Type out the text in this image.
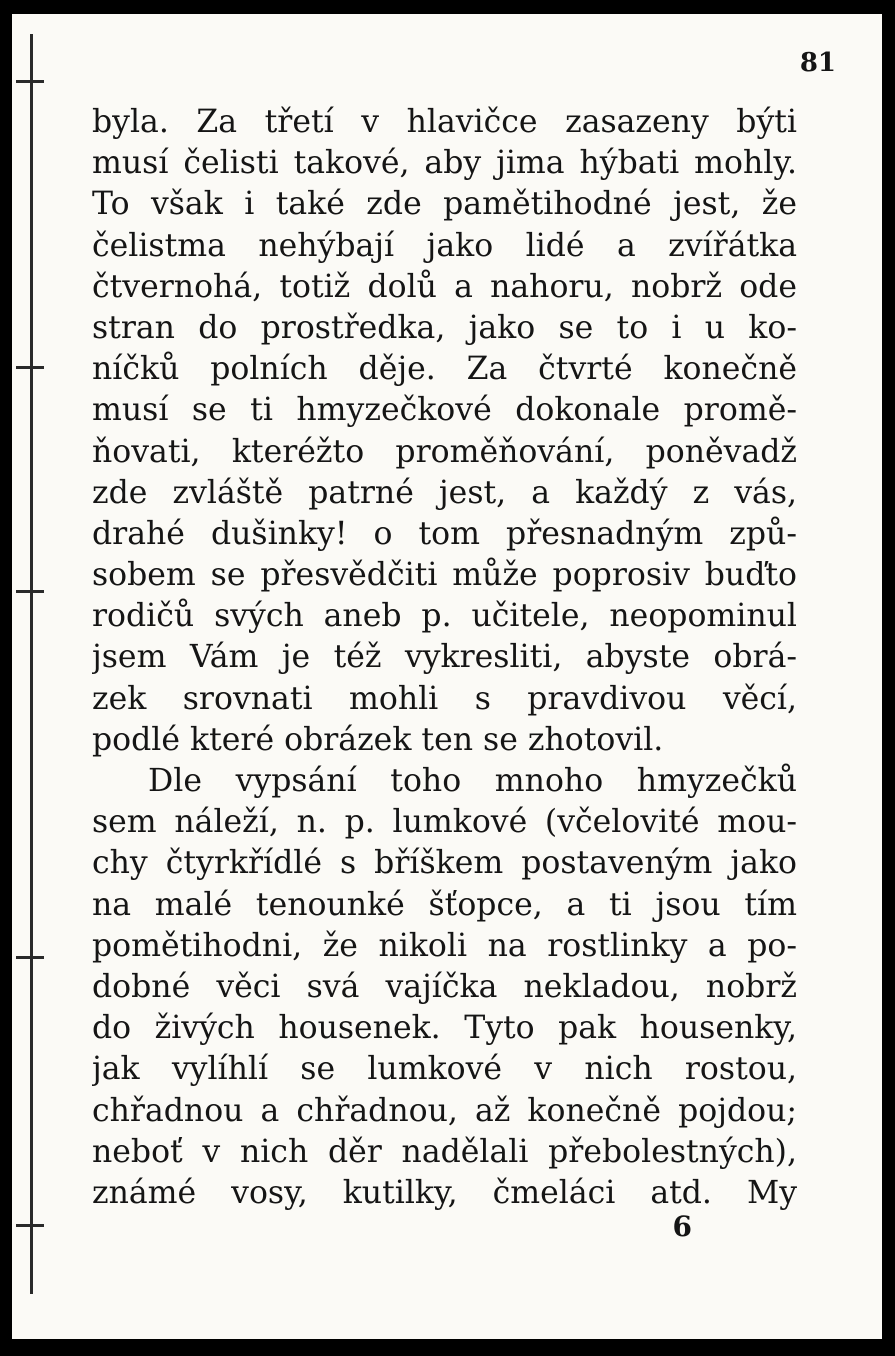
81

byla. Za třetí v hlavičce zasazeny býti
musí čelisti takové, aby jima hýbati mohly.
To však i také zde pamětihodné jest, že
čelistma nehýbají jako lidé a zvířátka
čtvernohá, totiž dolů a nahoru, nobrž ode
stran do prostředka, jako se to i u ko-
níčků polních děje. Za čtvrté konečně
musí se ti hmyzečkové dokonale promě-
ňovati, kteréžto proměňování, poněvadž
zde zvláště patrné jest, a každý z vás,
drahé dušinky! o tom přesnadným způ-
sobem se přesvědčiti může poprosiv buďto
rodičů svých aneb p. učitele, neopominul
jsem Vám je též vykresliti, abyste obrá-
zek srovnati mohli s pravdivou věcí,
podlé které obrázek ten se zhotovil.
Dle vypsání toho mnoho hmyzečků
sem náleží, n. p. lumkové (včelovité mou-
chy čtyrkřídlé s bříškem postaveným jako
na malé tenounké šťopce, a ti jsou tím
pomětihodni, že nikoli na rostlinky a po-
dobné věci svá vajíčka nekladou, nobrž
do živých housenek. Tyto pak housenky,
jak vylíhlí se lumkové v nich rostou,
chřadnou a chřadnou, až konečně pojdou;
neboť v nich děr nadělali přebolestných),
známé vosy, kutilky, čmeláci atd. My

6
